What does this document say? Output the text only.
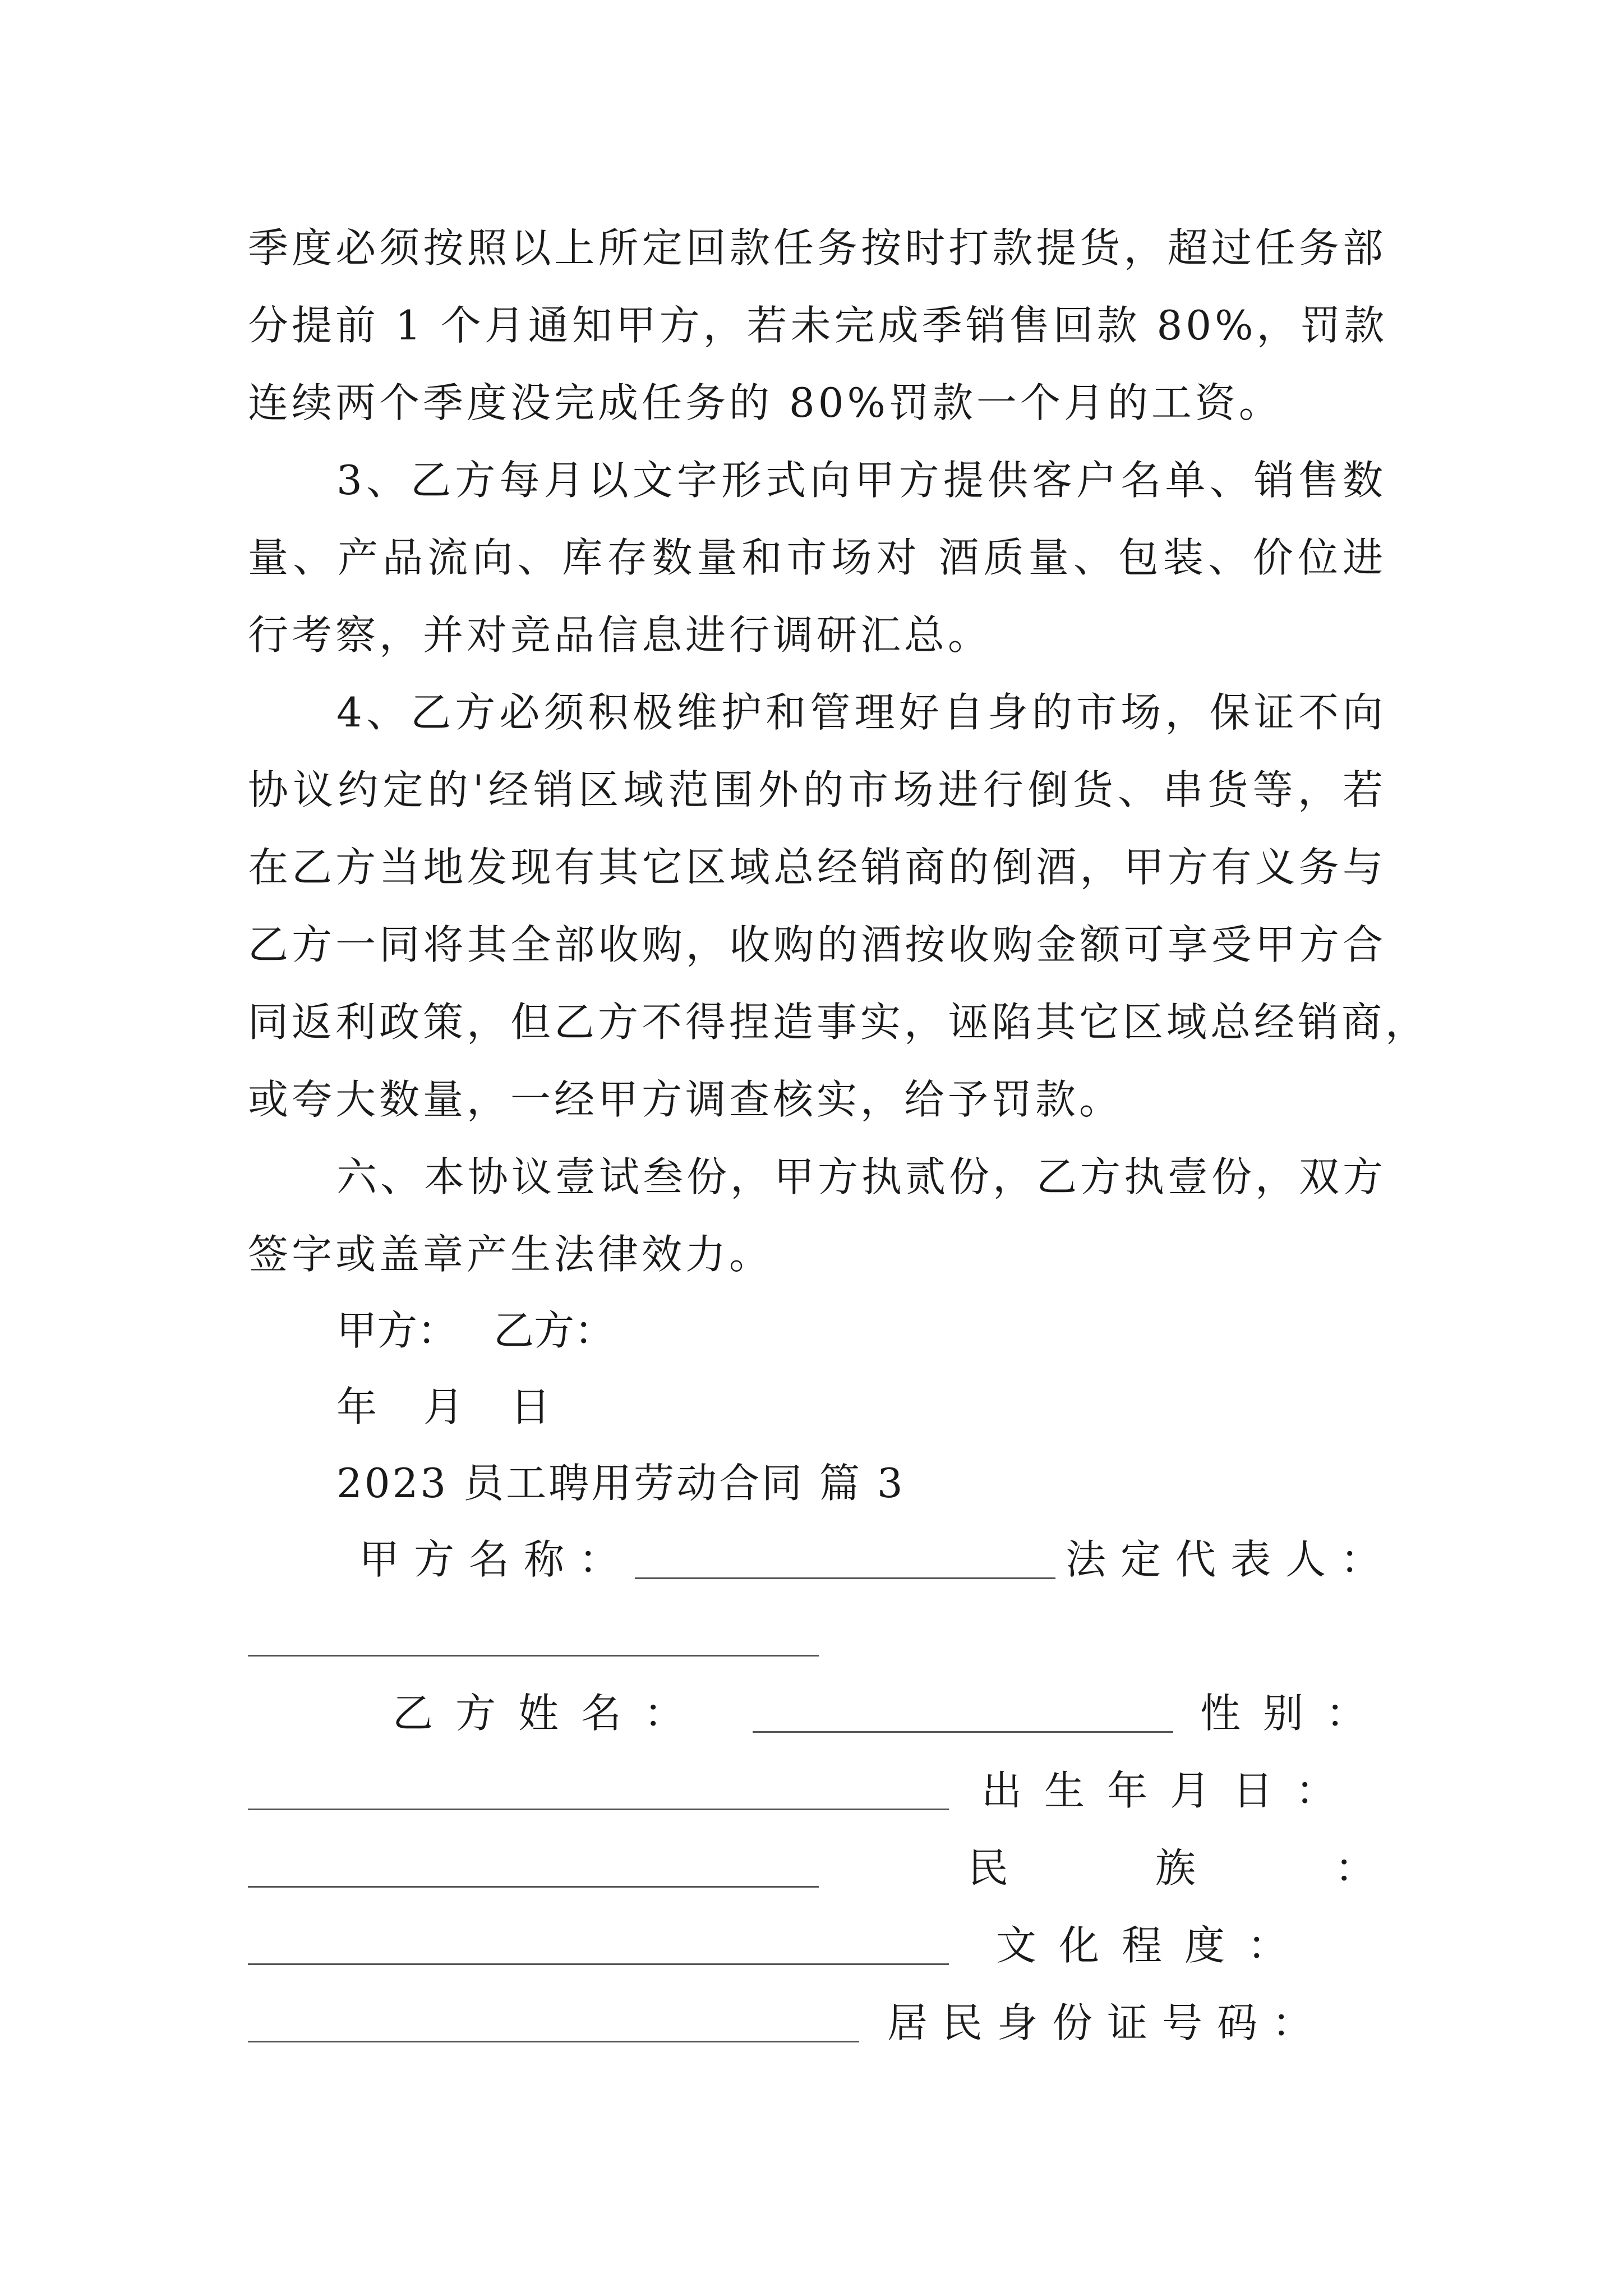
季度必须按照以上所定回款任务按时打款提货，超过任务部
分提前 1 个月通知甲方，若未完成季销售回款 80%，罚款
连续两个季度没完成任务的 80%罚款一个月的工资。
3、乙方每月以文字形式向甲方提供客户名单、销售数
量、产品流向、库存数量和市场对 酒质量、包装、价位进
行考察，并对竞品信息进行调研汇总。
4、乙方必须积极维护和管理好自身的市场，保证不向
协议约定的'经销区域范围外的市场进行倒货、串货等，若
在乙方当地发现有其它区域总经销商的倒酒，甲方有义务与
乙方一同将其全部收购，收购的酒按收购金额可享受甲方合
同返利政策，但乙方不得捏造事实，诬陷其它区域总经销商，
或夸大数量，一经甲方调查核实，给予罚款。
六、本协议壹试叁份，甲方执贰份，乙方执壹份，双方
签字或盖章产生法律效力。
甲方： 乙方：
年 月 日
2023 员工聘用劳动合同 篇 3
甲方名称：	法定代表人：
乙方姓名：	性别：
出生年月日：
民	族	：
文化程度：
居民身份证号码：
